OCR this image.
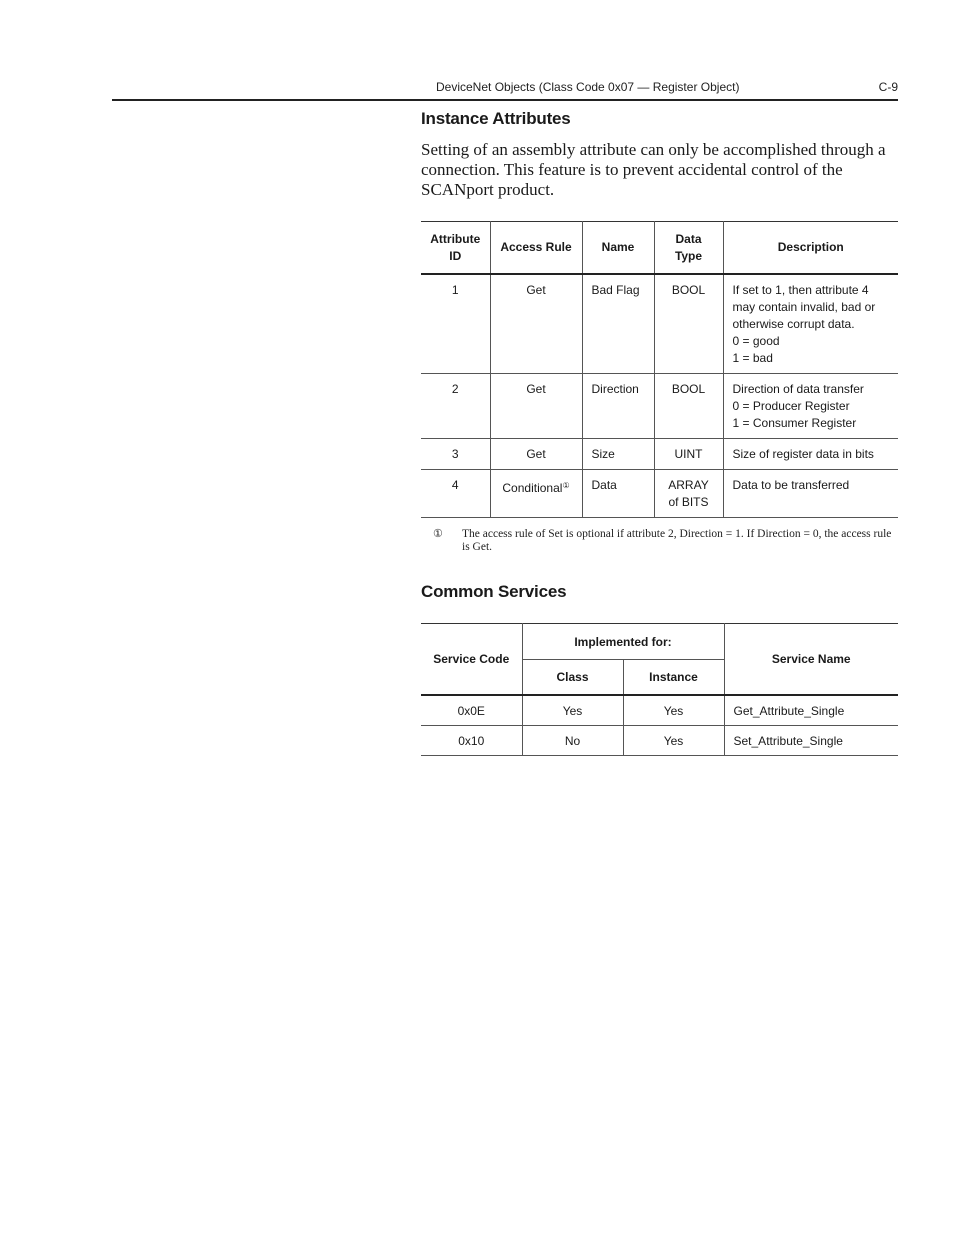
DeviceNet Objects (Class Code 0x07 — Register Object)	C-9
Instance Attributes
Setting of an assembly attribute can only be accomplished through a connection. This feature is to prevent accidental control of the SCANport product.
Attribute ID	Access Rule	Name	Data Type	Description
1	Get	Bad Flag	BOOL	If set to 1, then attribute 4
may contain invalid, bad or
otherwise corrupt data.
0 = good
1 = bad

2	Get	Direction	BOOL	Direction of data transfer
0 = Producer Register
1 = Consumer Register

3	Get	Size	UINT	Size of register data in bits

4	Conditional①	Data	ARRAY of BITS	Data to be transferred
① The access rule of Set is optional if attribute 2, Direction = 1. If Direction = 0, the access rule is Get.
Common Services
Service Code	Implemented for:		Service Name
	Class	Instance	
0x0E	Yes	Yes	Get_Attribute_Single
0x10	No	Yes	Set_Attribute_Single
